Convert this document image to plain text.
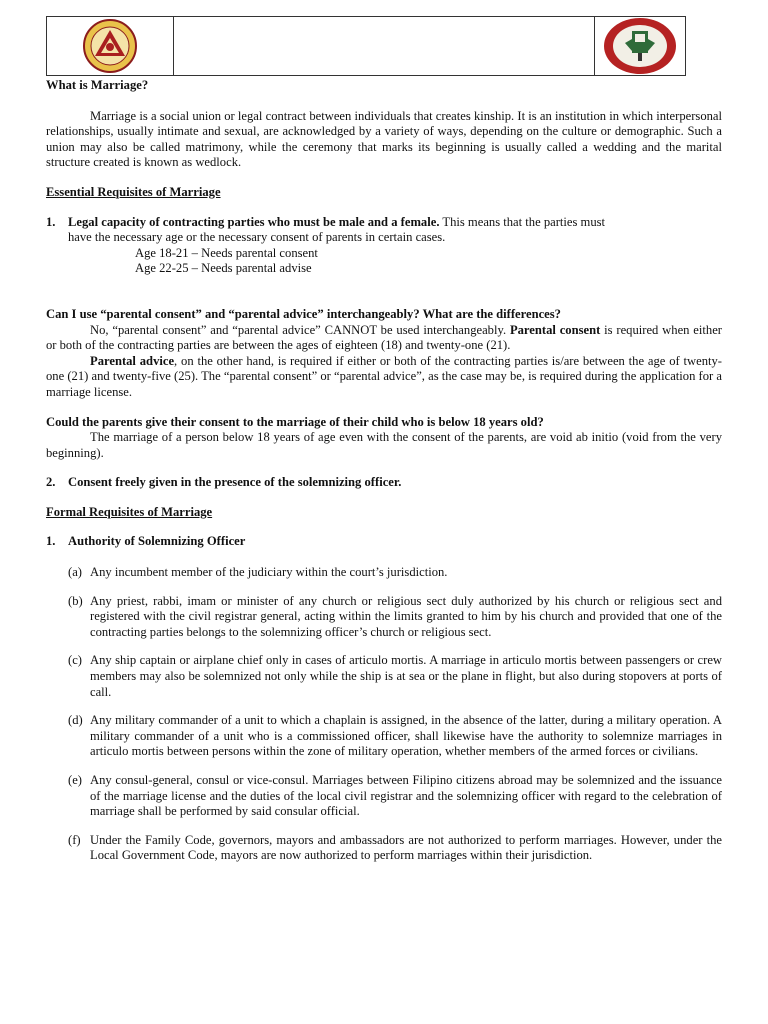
What is Marriage?

Marriage is a social union or legal contract between individuals that creates kinship. It is an institution in which interpersonal relationships, usually intimate and sexual, are acknowledged by a variety of ways, depending on the culture or demographic. Such a union may also be called matrimony, while the ceremony that marks its beginning is usually called a wedding and the marital structure created is known as wedlock.

Essential Requisites of Marriage

1. Legal capacity of contracting parties who must be male and a female. This means that the parties must

have the necessary age or the necessary consent of parents in certain cases.

Age 18-21 – Needs parental consent

Age 22-25 – Needs parental advise

Can I use “parental consent” and “parental advice” interchangeably? What are the differences?

No, “parental consent” and “parental advice” CANNOT be used interchangeably. Parental consent is required when either or both of the contracting parties are between the ages of eighteen (18) and twenty-one (21).

Parental advice, on the other hand, is required if either or both of the contracting parties is/are between the age of twenty-one (21) and twenty-five (25). The “parental consent” or “parental advice”, as the case may be, is required during the application for a marriage license.

Could the parents give their consent to the marriage of their child who is below 18 years old?

The marriage of a person below 18 years of age even with the consent of the parents, are void ab initio (void from the very beginning).

2. Consent freely given in the presence of the solemnizing officer.

Formal Requisites of Marriage

1. Authority of Solemnizing Officer
(a) Any incumbent member of the judiciary within the court’s jurisdiction.
(b) Any priest, rabbi, imam or minister of any church or religious sect duly authorized by his church or religious sect and registered with the civil registrar general, acting within the limits granted to him by his church and provided that one of the contracting parties belongs to the solemnizing officer’s church or religious sect.
(c) Any ship captain or airplane chief only in cases of articulo mortis. A marriage in articulo mortis between passengers or crew members may also be solemnized not only while the ship is at sea or the plane in flight, but also during stopovers at ports of call.
(d) Any military commander of a unit to which a chaplain is assigned, in the absence of the latter, during a military operation. A military commander of a unit who is a commissioned officer, shall likewise have the authority to solemnize marriages in articulo mortis between persons within the zone of military operation, whether members of the armed forces or civilians.
(e) Any consul-general, consul or vice-consul. Marriages between Filipino citizens abroad may be solemnized and the issuance of the marriage license and the duties of the local civil registrar and the solemnizing officer with regard to the celebration of marriage shall be performed by said consular official.
(f) Under the Family Code, governors, mayors and ambassadors are not authorized to perform marriages. However, under the Local Government Code, mayors are now authorized to perform marriages within their jurisdiction.
